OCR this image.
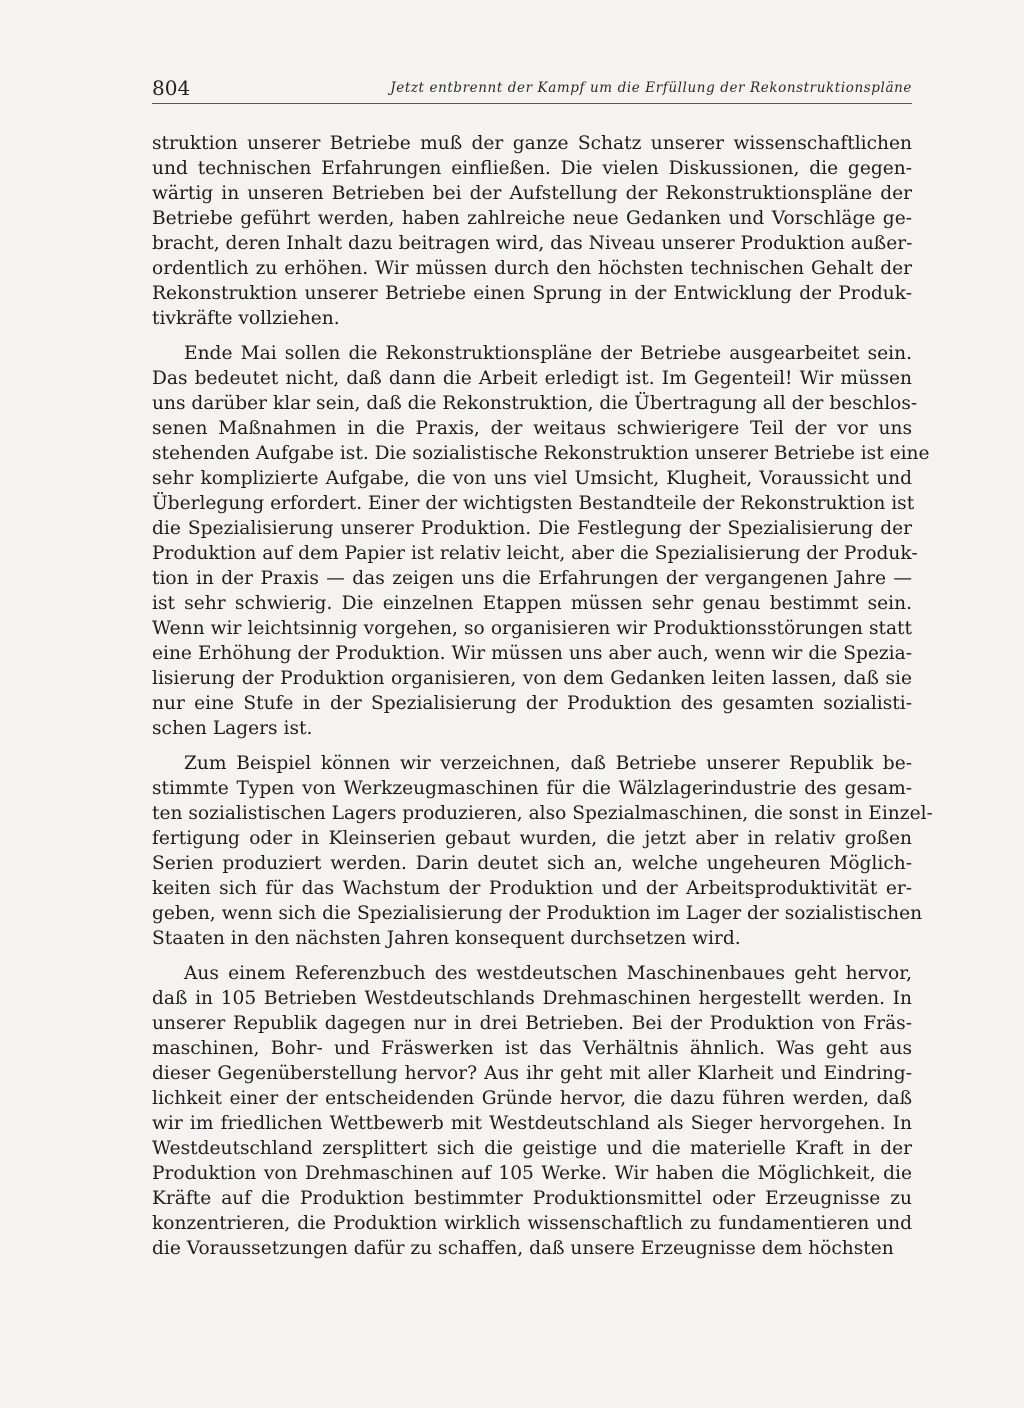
804	Jetzt entbrennt der Kampf um die Erfüllung der Rekonstruktionspläne
struktion unserer Betriebe muß der ganze Schatz unserer wissenschaftlichen
und technischen Erfahrungen einfließen. Die vielen Diskussionen, die gegen-
wärtig in unseren Betrieben bei der Aufstellung der Rekonstruktionspläne der
Betriebe geführt werden, haben zahlreiche neue Gedanken und Vorschläge ge-
bracht, deren Inhalt dazu beitragen wird, das Niveau unserer Produktion außer-
ordentlich zu erhöhen. Wir müssen durch den höchsten technischen Gehalt der
Rekonstruktion unserer Betriebe einen Sprung in der Entwicklung der Produk-
tivkräfte vollziehen.
Ende Mai sollen die Rekonstruktionspläne der Betriebe ausgearbeitet sein.
Das bedeutet nicht, daß dann die Arbeit erledigt ist. Im Gegenteil! Wir müssen
uns darüber klar sein, daß die Rekonstruktion, die Übertragung all der beschlos-
senen Maßnahmen in die Praxis, der weitaus schwierigere Teil der vor uns
stehenden Aufgabe ist. Die sozialistische Rekonstruktion unserer Betriebe ist eine
sehr komplizierte Aufgabe, die von uns viel Umsicht, Klugheit, Voraussicht und
Überlegung erfordert. Einer der wichtigsten Bestandteile der Rekonstruktion ist
die Spezialisierung unserer Produktion. Die Festlegung der Spezialisierung der
Produktion auf dem Papier ist relativ leicht, aber die Spezialisierung der Produk-
tion in der Praxis — das zeigen uns die Erfahrungen der vergangenen Jahre —
ist sehr schwierig. Die einzelnen Etappen müssen sehr genau bestimmt sein.
Wenn wir leichtsinnig vorgehen, so organisieren wir Produktionsstörungen statt
eine Erhöhung der Produktion. Wir müssen uns aber auch, wenn wir die Spezia-
lisierung der Produktion organisieren, von dem Gedanken leiten lassen, daß sie
nur eine Stufe in der Spezialisierung der Produktion des gesamten sozialisti-
schen Lagers ist.
Zum Beispiel können wir verzeichnen, daß Betriebe unserer Republik be-
stimmte Typen von Werkzeugmaschinen für die Wälzlagerindustrie des gesam-
ten sozialistischen Lagers produzieren, also Spezialmaschinen, die sonst in Einzel-
fertigung oder in Kleinserien gebaut wurden, die jetzt aber in relativ großen
Serien produziert werden. Darin deutet sich an, welche ungeheuren Möglich-
keiten sich für das Wachstum der Produktion und der Arbeitsproduktivität er-
geben, wenn sich die Spezialisierung der Produktion im Lager der sozialistischen
Staaten in den nächsten Jahren konsequent durchsetzen wird.
Aus einem Referenzbuch des westdeutschen Maschinenbaues geht hervor,
daß in 105 Betrieben Westdeutschlands Drehmaschinen hergestellt werden. In
unserer Republik dagegen nur in drei Betrieben. Bei der Produktion von Fräs-
maschinen, Bohr- und Fräswerken ist das Verhältnis ähnlich. Was geht aus
dieser Gegenüberstellung hervor? Aus ihr geht mit aller Klarheit und Eindring-
lichkeit einer der entscheidenden Gründe hervor, die dazu führen werden, daß
wir im friedlichen Wettbewerb mit Westdeutschland als Sieger hervorgehen. In
Westdeutschland zersplittert sich die geistige und die materielle Kraft in der
Produktion von Drehmaschinen auf 105 Werke. Wir haben die Möglichkeit, die
Kräfte auf die Produktion bestimmter Produktionsmittel oder Erzeugnisse zu
konzentrieren, die Produktion wirklich wissenschaftlich zu fundamentieren und
die Voraussetzungen dafür zu schaffen, daß unsere Erzeugnisse dem höchsten
